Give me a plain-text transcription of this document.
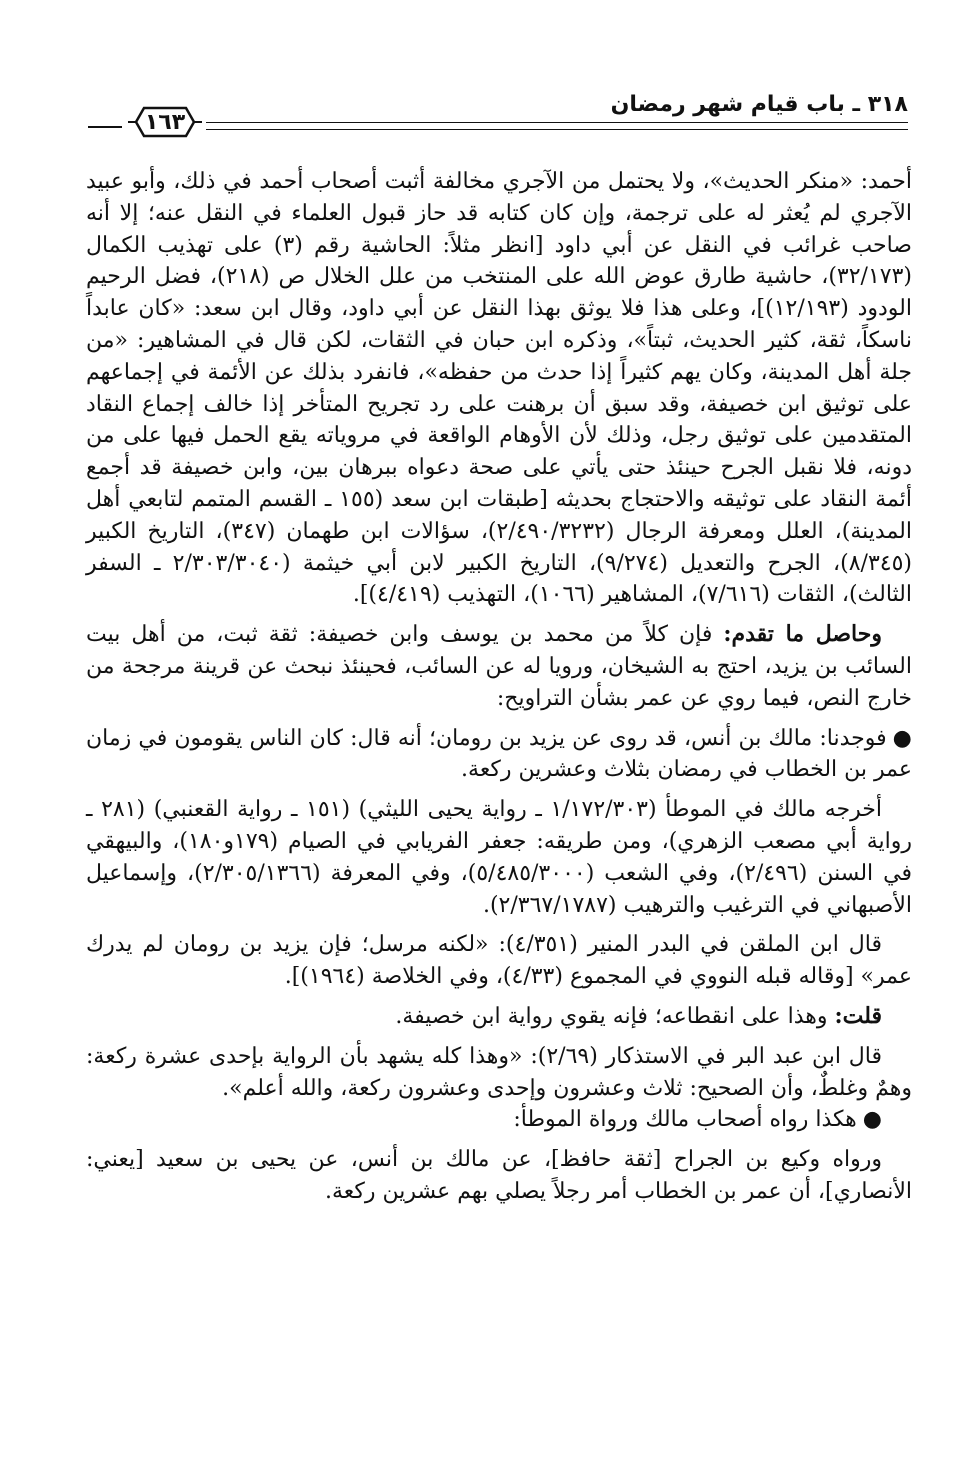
٣١٨ ـ باب قيام شهر رمضان
١٦٣

أحمد: «منكر الحديث»، ولا يحتمل من الآجري مخالفة أثبت أصحاب أحمد في ذلك، وأبو عبيد الآجري لم يُعثر له على ترجمة، وإن كان كتابه قد حاز قبول العلماء في النقل عنه؛ إلا أنه صاحب غرائب في النقل عن أبي داود [انظر مثلاً: الحاشية رقم (٣) على تهذيب الكمال (٣٢/١٧٣)، حاشية طارق عوض الله على المنتخب من علل الخلال ص (٢١٨)، فضل الرحيم الودود (١٢/١٩٣)]، وعلى هذا فلا يوثق بهذا النقل عن أبي داود، وقال ابن سعد: «كان عابداً ناسكاً، ثقة، كثير الحديث، ثبتاً»، وذكره ابن حبان في الثقات، لكن قال في المشاهير: «من جلة أهل المدينة، وكان يهم كثيراً إذا حدث من حفظه»، فانفرد بذلك عن الأئمة في إجماعهم على توثيق ابن خصيفة، وقد سبق أن برهنت على رد تجريح المتأخر إذا خالف إجماع النقاد المتقدمين على توثيق رجل، وذلك لأن الأوهام الواقعة في مروياته يقع الحمل فيها على من دونه، فلا نقبل الجرح حينئذ حتى يأتي على صحة دعواه ببرهان بين، وابن خصيفة قد أجمع أئمة النقاد على توثيقه والاحتجاج بحديثه [طبقات ابن سعد (١٥٥ ـ القسم المتمم لتابعي أهل المدينة)، العلل ومعرفة الرجال (٢/٤٩٠/٣٢٣٢)، سؤالات ابن طهمان (٣٤٧)، التاريخ الكبير (٨/٣٤٥)، الجرح والتعديل (٩/٢٧٤)، التاريخ الكبير لابن أبي خيثمة (٢/٣٠٣/٣٠٤٠ ـ السفر الثالث)، الثقات (٧/٦١٦)، المشاهير (١٠٦٦)، التهذيب (٤/٤١٩)].

وحاصل ما تقدم: فإن كلاً من محمد بن يوسف وابن خصيفة: ثقة ثبت، من أهل بيت السائب بن يزيد، احتج به الشيخان، ورويا له عن السائب، فحينئذ نبحث عن قرينة مرجحة من خارج النص، فيما روي عن عمر بشأن التراويح:

●فوجدنا: مالك بن أنس، قد روى عن يزيد بن رومان؛ أنه قال: كان الناس يقومون في زمان عمر بن الخطاب في رمضان بثلاث وعشرين ركعة.

أخرجه مالك في الموطأ (١/١٧٢/٣٠٣ ـ رواية يحيى الليثي) (١٥١ ـ رواية القعنبي) (٢٨١ ـ رواية أبي مصعب الزهري)، ومن طريقه: جعفر الفريابي في الصيام (١٧٩و١٨٠)، والبيهقي في السنن (٢/٤٩٦)، وفي الشعب (٥/٤٨٥/٣٠٠٠)، وفي المعرفة (٢/٣٠٥/١٣٦٦)، وإسماعيل الأصبهاني في الترغيب والترهيب (٢/٣٦٧/١٧٨٧).

قال ابن الملقن في البدر المنير (٤/٣٥١): «لكنه مرسل؛ فإن يزيد بن رومان لم يدرك عمر» [وقاله قبله النووي في المجموع (٤/٣٣)، وفي الخلاصة (١٩٦٤)].

قلت: وهذا على انقطاعه؛ فإنه يقوي رواية ابن خصيفة.

قال ابن عبد البر في الاستذكار (٢/٦٩): «وهذا كله يشهد بأن الرواية بإحدى عشرة ركعة: وهمٌ وغلطٌ، وأن الصحيح: ثلاث وعشرون وإحدى وعشرون ركعة، والله أعلم».

●هكذا رواه أصحاب مالك ورواة الموطأ:

ورواه وكيع بن الجراح [ثقة حافظ]، عن مالك بن أنس، عن يحيى بن سعيد [يعني: الأنصاري]، أن عمر بن الخطاب أمر رجلاً يصلي بهم عشرين ركعة.
